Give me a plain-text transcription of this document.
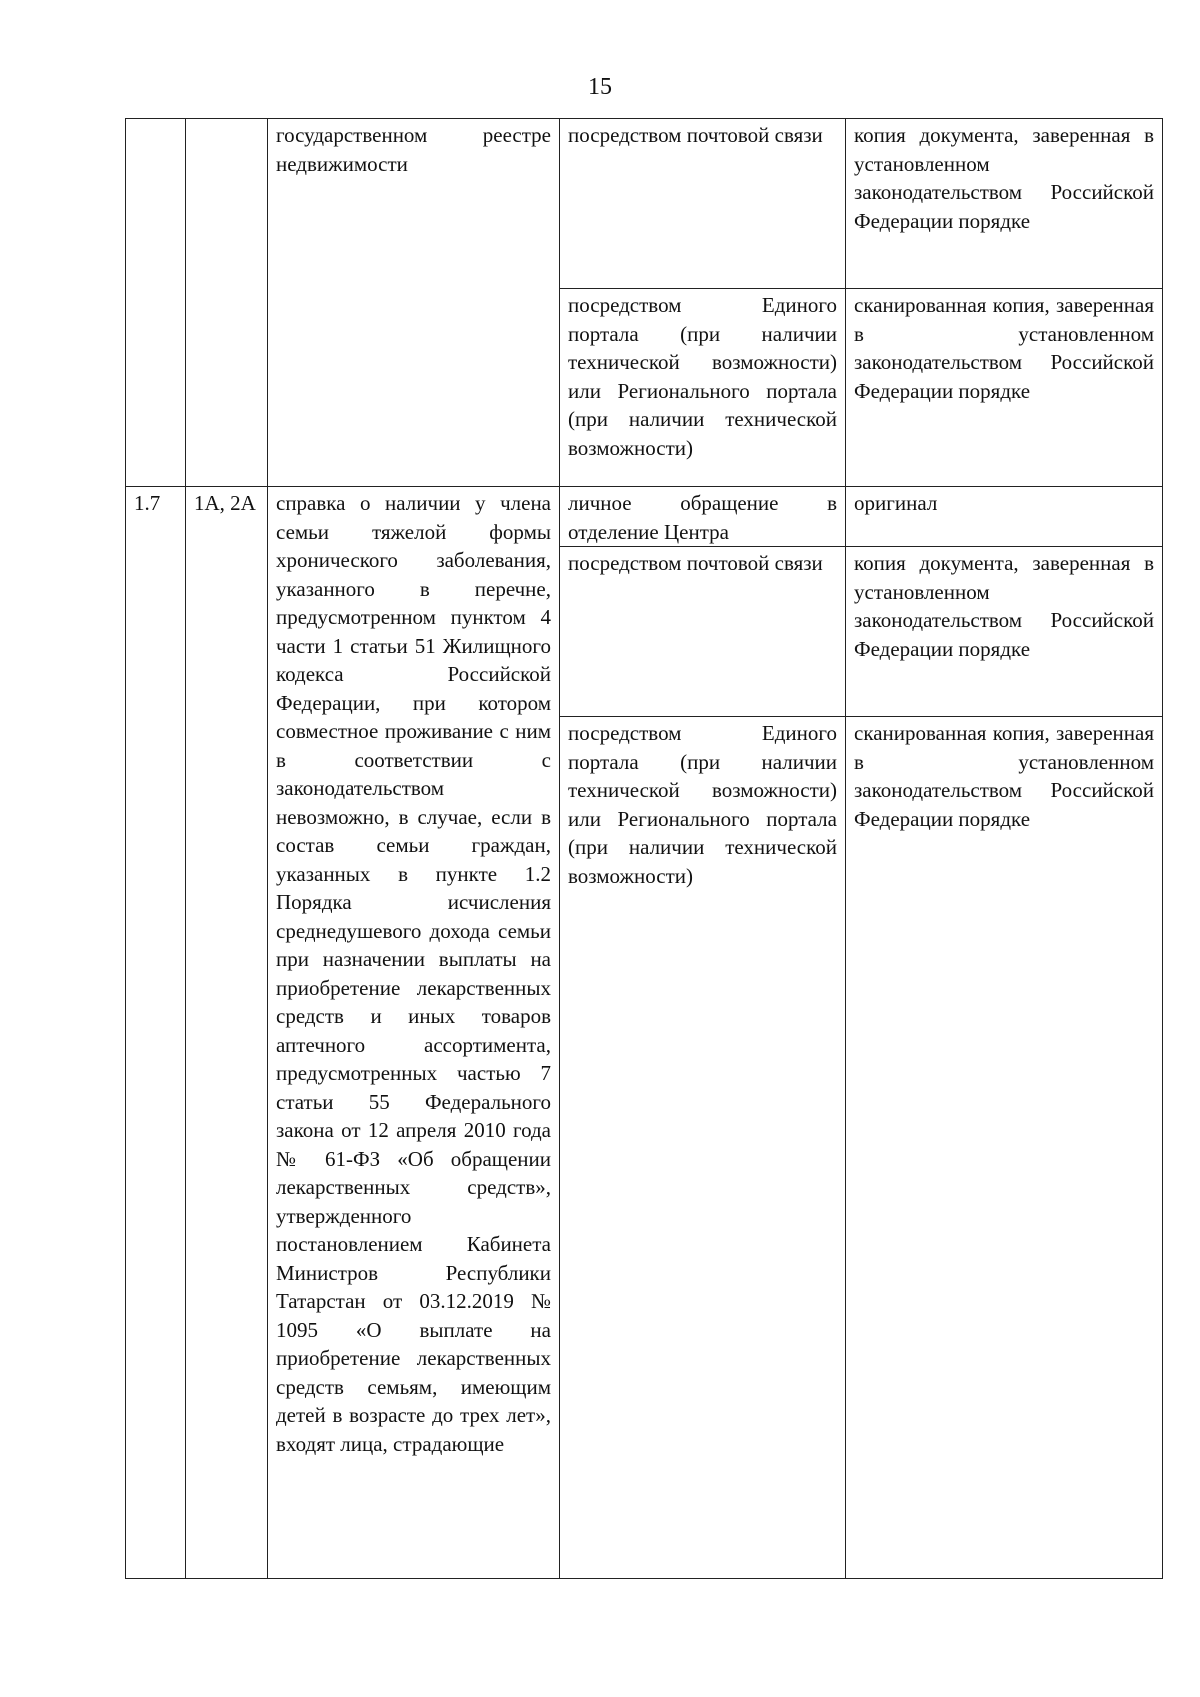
15
		государственном реестре недвижимости	посредством почтовой связи	копия документа, заверенная в установленном законодательством Российской Федерации порядке
			посредством Единого портала (при наличии технической возможности) или Регионального портала (при наличии технической возможности)	сканированная копия, заверенная в установленном законодательством Российской Федерации порядке
1.7	1А, 2А	справка о наличии у члена семьи тяжелой формы хронического заболевания, указанного в перечне, предусмотренном пунктом 4 части 1 статьи 51 Жилищного кодекса Российской Федерации, при котором совместное проживание с ним в соответствии с законодательством невозможно, в случае, если в состав семьи граждан, указанных в пункте 1.2 Порядка исчисления среднедушевого дохода семьи при назначении выплаты на приобретение лекарственных средств и иных товаров аптечного ассортимента, предусмотренных частью 7 статьи 55 Федерального закона от 12 апреля 2010 года № 61-ФЗ «Об обращении лекарственных средств», утвержденного постановлением Кабинета Министров Республики Татарстан от 03.12.2019 № 1095 «О выплате на приобретение лекарственных средств семьям, имеющим детей в возрасте до трех лет», входят лица, страдающие	личное обращение в отделение Центра	оригинал
			посредством почтовой связи	копия документа, заверенная в установленном законодательством Российской Федерации порядке
			посредством Единого портала (при наличии технической возможности) или Регионального портала (при наличии технической возможности)	сканированная копия, заверенная в установленном законодательством Российской Федерации порядке
